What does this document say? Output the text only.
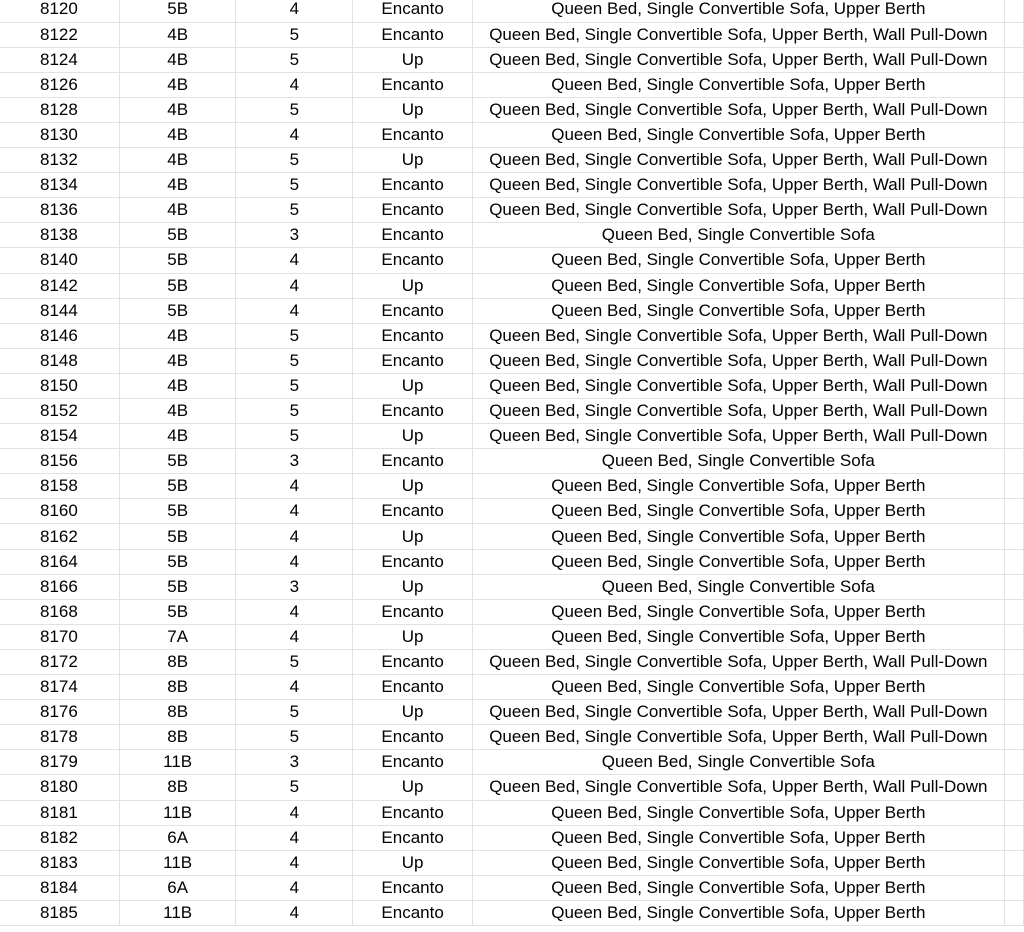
8120	5B	4	Encanto	Queen Bed, Single Convertible Sofa, Upper Berth	
8122	4B	5	Encanto	Queen Bed, Single Convertible Sofa, Upper Berth, Wall Pull-Down	
8124	4B	5	Up	Queen Bed, Single Convertible Sofa, Upper Berth, Wall Pull-Down	
8126	4B	4	Encanto	Queen Bed, Single Convertible Sofa, Upper Berth	
8128	4B	5	Up	Queen Bed, Single Convertible Sofa, Upper Berth, Wall Pull-Down	
8130	4B	4	Encanto	Queen Bed, Single Convertible Sofa, Upper Berth	
8132	4B	5	Up	Queen Bed, Single Convertible Sofa, Upper Berth, Wall Pull-Down	
8134	4B	5	Encanto	Queen Bed, Single Convertible Sofa, Upper Berth, Wall Pull-Down	
8136	4B	5	Encanto	Queen Bed, Single Convertible Sofa, Upper Berth, Wall Pull-Down	
8138	5B	3	Encanto	Queen Bed, Single Convertible Sofa	
8140	5B	4	Encanto	Queen Bed, Single Convertible Sofa, Upper Berth	
8142	5B	4	Up	Queen Bed, Single Convertible Sofa, Upper Berth	
8144	5B	4	Encanto	Queen Bed, Single Convertible Sofa, Upper Berth	
8146	4B	5	Encanto	Queen Bed, Single Convertible Sofa, Upper Berth, Wall Pull-Down	
8148	4B	5	Encanto	Queen Bed, Single Convertible Sofa, Upper Berth, Wall Pull-Down	
8150	4B	5	Up	Queen Bed, Single Convertible Sofa, Upper Berth, Wall Pull-Down	
8152	4B	5	Encanto	Queen Bed, Single Convertible Sofa, Upper Berth, Wall Pull-Down	
8154	4B	5	Up	Queen Bed, Single Convertible Sofa, Upper Berth, Wall Pull-Down	
8156	5B	3	Encanto	Queen Bed, Single Convertible Sofa	
8158	5B	4	Up	Queen Bed, Single Convertible Sofa, Upper Berth	
8160	5B	4	Encanto	Queen Bed, Single Convertible Sofa, Upper Berth	
8162	5B	4	Up	Queen Bed, Single Convertible Sofa, Upper Berth	
8164	5B	4	Encanto	Queen Bed, Single Convertible Sofa, Upper Berth	
8166	5B	3	Up	Queen Bed, Single Convertible Sofa	
8168	5B	4	Encanto	Queen Bed, Single Convertible Sofa, Upper Berth	
8170	7A	4	Up	Queen Bed, Single Convertible Sofa, Upper Berth	
8172	8B	5	Encanto	Queen Bed, Single Convertible Sofa, Upper Berth, Wall Pull-Down	
8174	8B	4	Encanto	Queen Bed, Single Convertible Sofa, Upper Berth	
8176	8B	5	Up	Queen Bed, Single Convertible Sofa, Upper Berth, Wall Pull-Down	
8178	8B	5	Encanto	Queen Bed, Single Convertible Sofa, Upper Berth, Wall Pull-Down	
8179	11B	3	Encanto	Queen Bed, Single Convertible Sofa	
8180	8B	5	Up	Queen Bed, Single Convertible Sofa, Upper Berth, Wall Pull-Down	
8181	11B	4	Encanto	Queen Bed, Single Convertible Sofa, Upper Berth	
8182	6A	4	Encanto	Queen Bed, Single Convertible Sofa, Upper Berth	
8183	11B	4	Up	Queen Bed, Single Convertible Sofa, Upper Berth	
8184	6A	4	Encanto	Queen Bed, Single Convertible Sofa, Upper Berth	
8185	11B	4	Encanto	Queen Bed, Single Convertible Sofa, Upper Berth	
